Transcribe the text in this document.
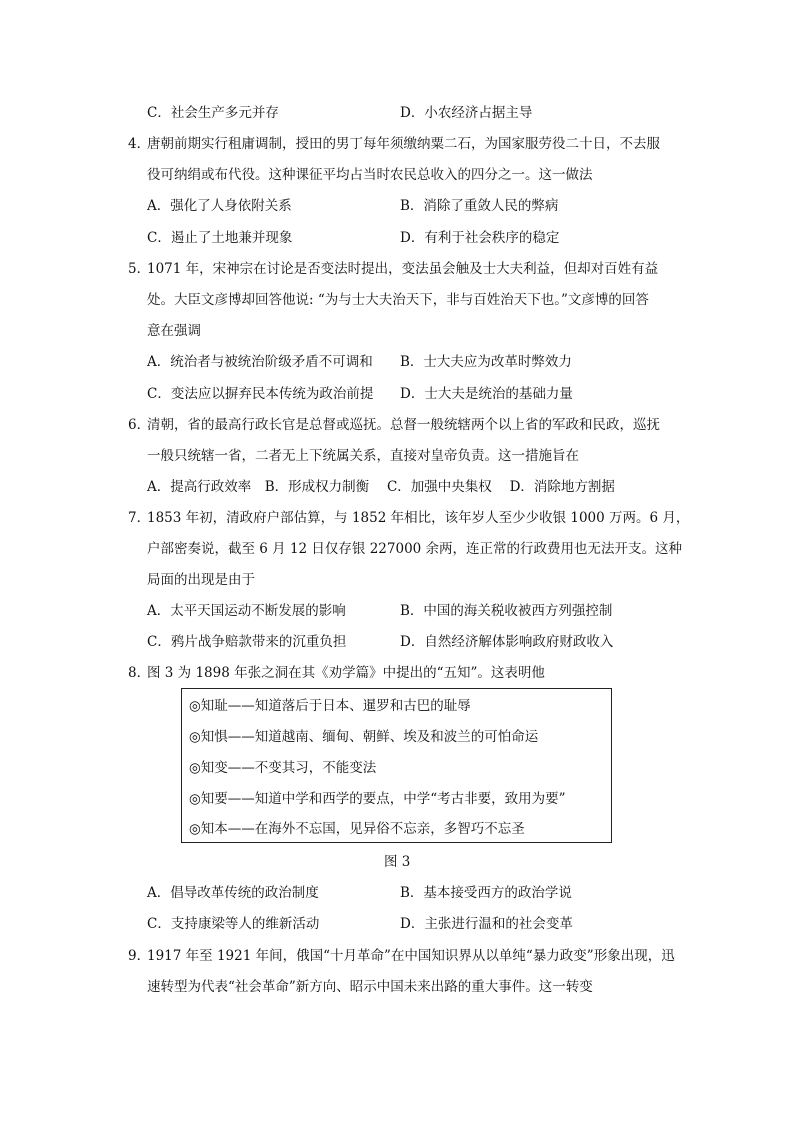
C．社会生产多元并存	D．小农经济占据主导
4．
唐朝前期实行租庸调制，授田的男丁每年须缴纳粟二石，为国家服劳役二十日，不去服
役可纳绢或布代役。这种课征平均占当时农民总收入的四分之一。这一做法
A．强化了人身依附关系	B．消除了重敛人民的弊病
C．遏止了土地兼并现象	D．有利于社会秩序的稳定
5．
1071 年，宋神宗在讨论是否变法时提出，变法虽会触及士大夫利益，但却对百姓有益
处。大臣文彦博却回答他说: “为与士大夫治天下，非与百姓治天下也。”文彦博的回答
意在强调
A．统治者与被统治阶级矛盾不可调和 B．士大夫应为改革时弊效力
C．变法应以摒弃民本传统为政治前提 D．士大夫是统治的基础力量
6．
清朝，省的最高行政长官是总督或巡抚。总督一般统辖两个以上省的军政和民政，巡抚
一般只统辖一省，二者无上下统属关系，直接对皇帝负责。这一措施旨在
A．提高行政效率　B．形成权力制衡　 C．加强中央集权　 D．消除地方割据
7．
1853 年初，清政府户部估算，与 1852 年相比，该年岁人至少少收银 1000 万两。6 月，
户部密奏说，截至 6 月 12 日仅存银 227000 余两，连正常的行政费用也无法开支。这种
局面的出现是由于
A．太平天国运动不断发展的影响	B．中国的海关税收被西方列强控制
C．鸦片战争赔款带来的沉重负担	D．自然经济解体影响政府财政收入
8．
图 3 为 1898 年张之洞在其《劝学篇》中提出的“五知”。这表明他
◎知耻——知道落后于日本、暹罗和古巴的耻辱
◎知惧——知道越南、缅甸、朝鲜、埃及和波兰的可怕命运
◎知变——不变其习，不能变法
◎知要——知道中学和西学的要点，中学“考古非要，致用为要”
◎知本——在海外不忘国，见异俗不忘亲，多智巧不忘圣
图 3
A．倡导改革传统的政治制度	B．基本接受西方的政治学说
C．支持康梁等人的维新活动	D．主张进行温和的社会变革
9．
1917 年至 1921 年间，俄国“十月革命”在中国知识界从以单纯“暴力政变”形象出现，迅
速转型为代表“社会革命”新方向、昭示中国未来出路的重大事件。这一转变
